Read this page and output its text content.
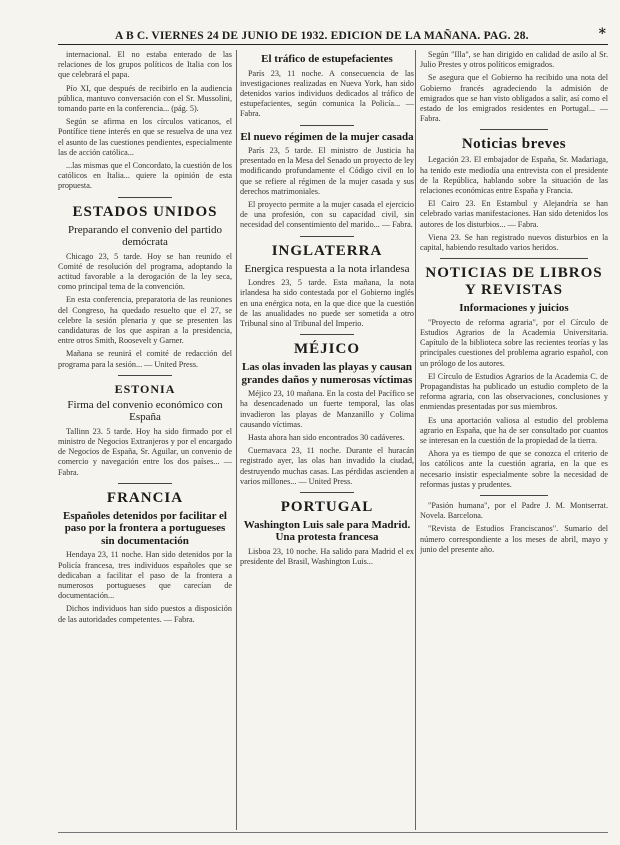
A B C. VIERNES 24 DE JUNIO DE 1932. EDICION DE LA MAÑANA. PAG. 28.	*

internacional. El no estaba enterado de las relaciones de los grupos políticos de Italia con los que celebrará el papa.

Pío XI, que después de recibirlo en la audiencia pública, mantuvo conversación con el Sr. Mussolini, tomando parte en la conferencia... (pág. 5).

Según se afirma en los círculos vaticanos, el Pontífice tiene interés en que se resuelva de una vez el asunto de las cuestiones pendientes, especialmente las de acción católica...

...las mismas que el Concordato, la cuestión de los católicos en Italia... quiere la opinión de esta propuesta.

ESTADOS UNIDOS
Preparando el convenio del partido demócrata

Chicago 23, 5 tarde. Hoy se han reunido el Comité de resolución del programa, adoptando la actitud favorable a la derogación de la ley seca, como principal tema de la convención.

En esta conferencia, preparatoria de las reuniones del Congreso, ha quedado resuelto que el 27, se celebre la sesión plenaria y que se presenten las candidaturas de los que aspiran a la presidencia, entre otros Smith, Roosevelt y Garner.

Mañana se reunirá el comité de redacción del programa para la sesión... — United Press.

ESTONIA
Firma del convenio económico con España

Tallinn 23. 5 tarde. Hoy ha sido firmado por el ministro de Negocios Extranjeros y por el encargado de Negocios de España, Sr. Aguilar, un convenio de comercio y navegación entre los dos países... — Fabra.

FRANCIA
Españoles detenidos por facilitar el paso por la frontera a portugueses sin documentación

Hendaya 23, 11 noche. Han sido detenidos por la Policía francesa, tres individuos españoles que se dedicaban a facilitar el paso de la frontera a numerosos portugueses que carecían de documentación...

Dichos individuos han sido puestos a disposición de las autoridades competentes. — Fabra.

El tráfico de estupefacientes

París 23, 11 noche. A consecuencia de las investigaciones realizadas en Nueva York, han sido detenidos varios individuos dedicados al tráfico de estupefacientes, según comunica la Policía... — Fabra.

El nuevo régimen de la mujer casada

París 23, 5 tarde. El ministro de Justicia ha presentado en la Mesa del Senado un proyecto de ley modificando profundamente el Código civil en lo que se refiere al régimen de la mujer casada y sus derechos matrimoniales.

El proyecto permite a la mujer casada el ejercicio de una profesión, con su capacidad civil, sin necesidad del consentimiento del marido... — Fabra.

INGLATERRA
Energica respuesta a la nota irlandesa

Londres 23, 5 tarde. Esta mañana, la nota irlandesa ha sido contestada por el Gobierno inglés en una enérgica nota, en la que dice que la cuestión de las anualidades no puede ser sometida a otro Tribunal sino al Tribunal del Imperio.

MÉJICO
Las olas invaden las playas y causan grandes daños y numerosas víctimas

Méjico 23, 10 mañana. En la costa del Pacífico se ha desencadenado un fuerte temporal, las olas invadieron las playas de Manzanillo y Colima causando víctimas.

Hasta ahora han sido encontrados 30 cadáveres.

Cuernavaca 23, 11 noche. Durante el huracán registrado ayer, las olas han invadido la ciudad, destruyendo muchas casas. Las pérdidas ascienden a varios millones... — United Press.

PORTUGAL
Washington Luis sale para Madrid. Una protesta francesa

Lisboa 23, 10 noche. Ha salido para Madrid el ex presidente del Brasil, Washington Luis...

Según "Illa", se han dirigido en calidad de asilo al Sr. Julio Prestes y otros políticos emigrados.

Se asegura que el Gobierno ha recibido una nota del Gobierno francés agradeciendo la admisión de emigrados que se han visto obligados a salir, así como el estado de los emigrados residentes en Portugal... — Fabra.

Noticias breves

Legación 23. El embajador de España, Sr. Madariaga, ha tenido este mediodía una entrevista con el presidente de la República, hablando sobre la situación de las relaciones económicas entre España y Francia.

El Cairo 23. En Estambul y Alejandría se han celebrado varias manifestaciones. Han sido detenidos los autores de los disturbios... — Fabra.

Viena 23. Se han registrado nuevos disturbios en la capital, habiendo resultado varios heridos.

NOTICIAS DE LIBROS Y REVISTAS
Informaciones y juicios

"Proyecto de reforma agraria", por el Círculo de Estudios Agrarios de la Academia Universitaria. Capítulo de la biblioteca sobre las recientes teorías y las principales cuestiones del problema agrario español, con un prólogo de los autores.

El Círculo de Estudios Agrarios de la Academia C. de Propagandistas ha publicado un estudio completo de la reforma agraria, con las observaciones, conclusiones y enmiendas presentadas por sus miembros.

Es una aportación valiosa al estudio del problema agrario en España, que ha de ser consultado por cuantos se interesan en la cuestión de la propiedad de la tierra.

Ahora ya es tiempo de que se conozca el criterio de los católicos ante la cuestión agraria, en la que es necesario insistir especialmente sobre la necesidad de reformas justas y prudentes.

"Pasión humana", por el Padre J. M. Montserrat. Novela. Barcelona.

"Revista de Estudios Franciscanos". Sumario del número correspondiente a los meses de abril, mayo y junio del presente año.
